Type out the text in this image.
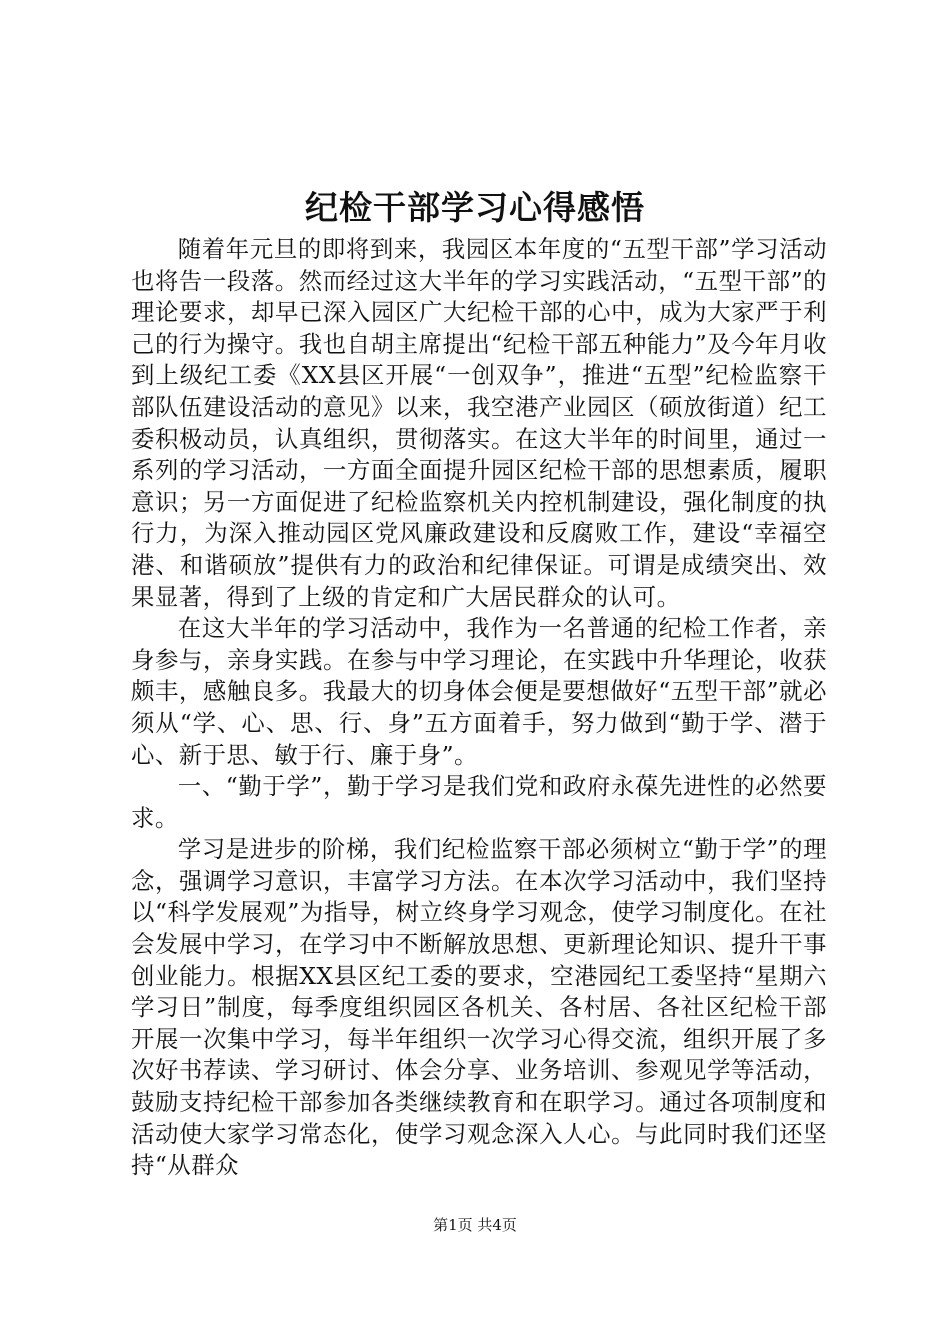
纪检干部学习心得感悟

随着年元旦的即将到来，我园区本年度的“五型干部”学习活动也将告一段落。然而经过这大半年的学习实践活动，“五型干部”的理论要求，却早已深入园区广大纪检干部的心中，成为大家严于利己的行为操守。我也自胡主席提出“纪检干部五种能力”及今年月收到上级纪工委《XX县区开展“一创双争”，推进“五型”纪检监察干部队伍建设活动的意见》以来，我空港产业园区（硕放街道）纪工委积极动员，认真组织，贯彻落实。在这大半年的时间里，通过一系列的学习活动，一方面全面提升园区纪检干部的思想素质，履职意识；另一方面促进了纪检监察机关内控机制建设，强化制度的执行力，为深入推动园区党风廉政建设和反腐败工作，建设“幸福空港、和谐硕放”提供有力的政治和纪律保证。可谓是成绩突出、效果显著，得到了上级的肯定和广大居民群众的认可。

在这大半年的学习活动中，我作为一名普通的纪检工作者，亲身参与，亲身实践。在参与中学习理论，在实践中升华理论，收获颇丰，感触良多。我最大的切身体会便是要想做好“五型干部”就必须从“学、心、思、行、身”五方面着手，努力做到“勤于学、潜于心、新于思、敏于行、廉于身”。

一、“勤于学”，勤于学习是我们党和政府永葆先进性的必然要求。

学习是进步的阶梯，我们纪检监察干部必须树立“勤于学”的理念，强调学习意识，丰富学习方法。在本次学习活动中，我们坚持以“科学发展观”为指导，树立终身学习观念，使学习制度化。在社会发展中学习，在学习中不断解放思想、更新理论知识、提升干事创业能力。根据XX县区纪工委的要求，空港园纪工委坚持“星期六学习日”制度，每季度组织园区各机关、各村居、各社区纪检干部开展一次集中学习，每半年组织一次学习心得交流，组织开展了多次好书荐读、学习研讨、体会分享、业务培训、参观见学等活动，鼓励支持纪检干部参加各类继续教育和在职学习。通过各项制度和活动使大家学习常态化，使学习观念深入人心。与此同时我们还坚持“从群众

第1页 共4页
